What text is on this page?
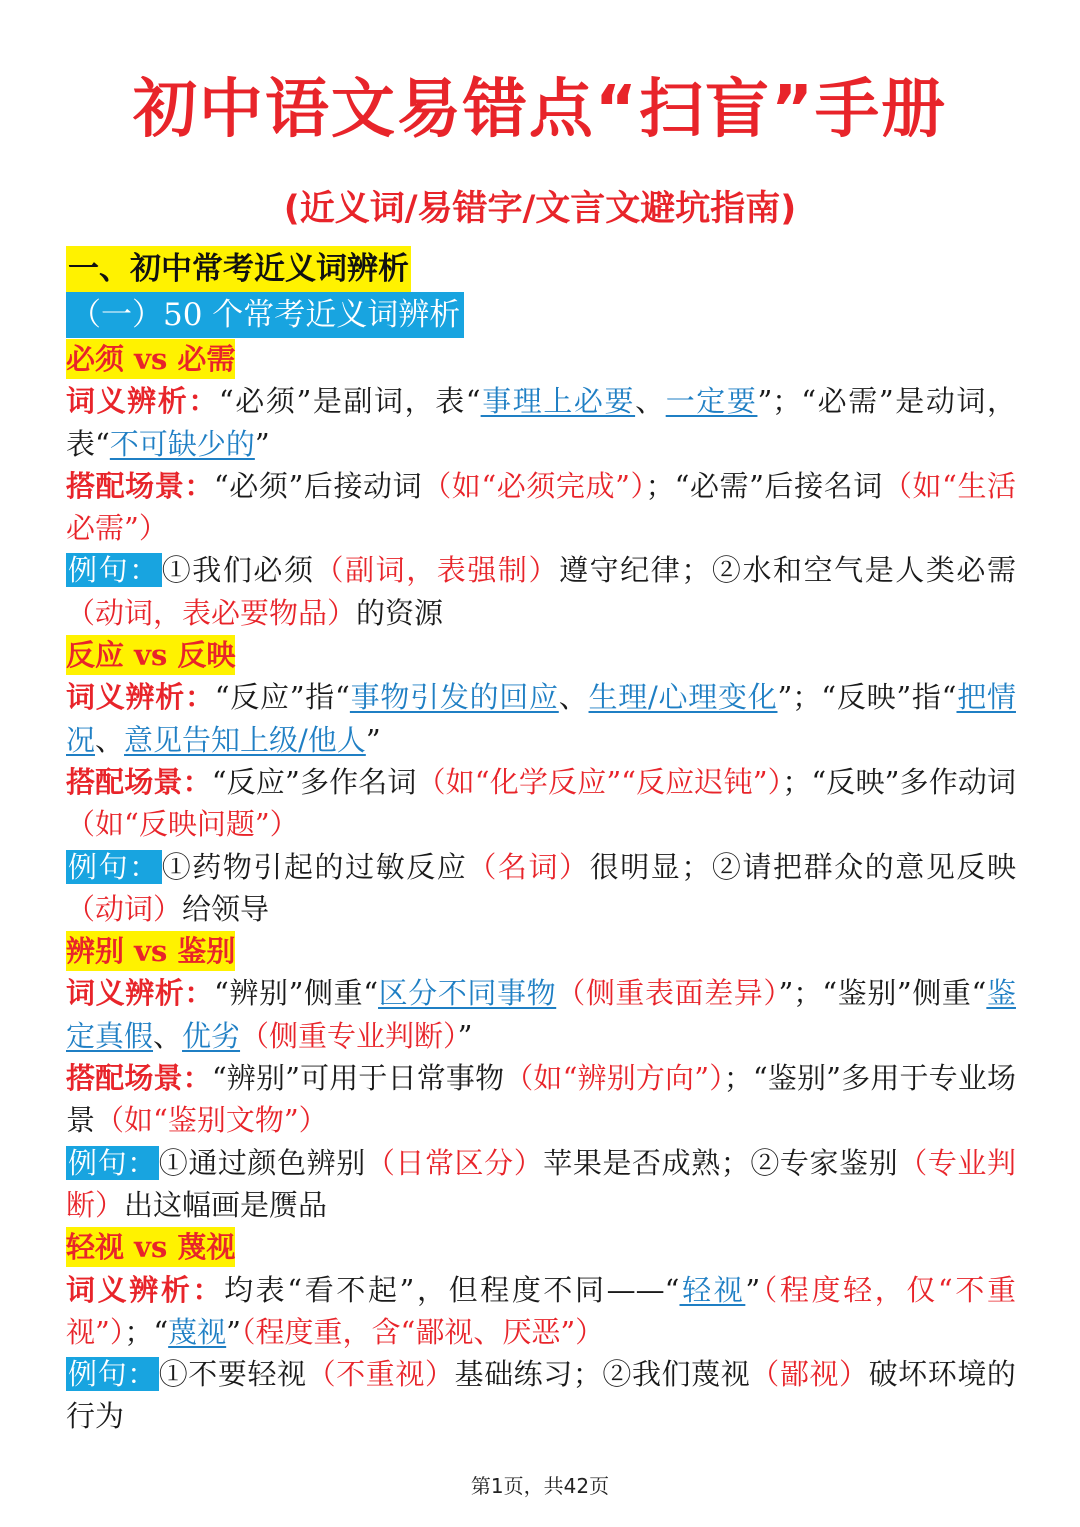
初中语文易错点“扫盲”手册
(近义词/易错字/文言文避坑指南)
一、初中常考近义词辨析
（一）50 个常考近义词辨析
必须 vs 必需
词义辨析：“必须”是副词，表“事理上必要、一定要”；“必需”是动词，表“不可缺少的”
搭配场景：“必须”后接动词（如“必须完成”）；“必需”后接名词（如“生活必需”）
例句：①我们必须（副词，表强制）遵守纪律；②水和空气是人类必需（动词，表必要物品）的资源
反应 vs 反映
词义辨析：“反应”指“事物引发的回应、生理/心理变化”；“反映”指“把情况、意见告知上级/他人”
搭配场景：“反应”多作名词（如“化学反应”“反应迟钝”）；“反映”多作动词（如“反映问题”）
例句：①药物引起的过敏反应（名词）很明显；②请把群众的意见反映（动词）给领导
辨别 vs 鉴别
词义辨析：“辨别”侧重“区分不同事物（侧重表面差异）”；“鉴别”侧重“鉴定真假、优劣（侧重专业判断）”
搭配场景：“辨别”可用于日常事物（如“辨别方向”）；“鉴别”多用于专业场景（如“鉴别文物”）
例句：①通过颜色辨别（日常区分）苹果是否成熟；②专家鉴别（专业判断）出这幅画是赝品
轻视 vs 蔑视
词义辨析：均表“看不起”，但程度不同——“轻视”（程度轻，仅“不重视”）；“蔑视”（程度重，含“鄙视、厌恶”）
例句：①不要轻视（不重视）基础练习；②我们蔑视（鄙视）破坏环境的行为
第1页，共42页
